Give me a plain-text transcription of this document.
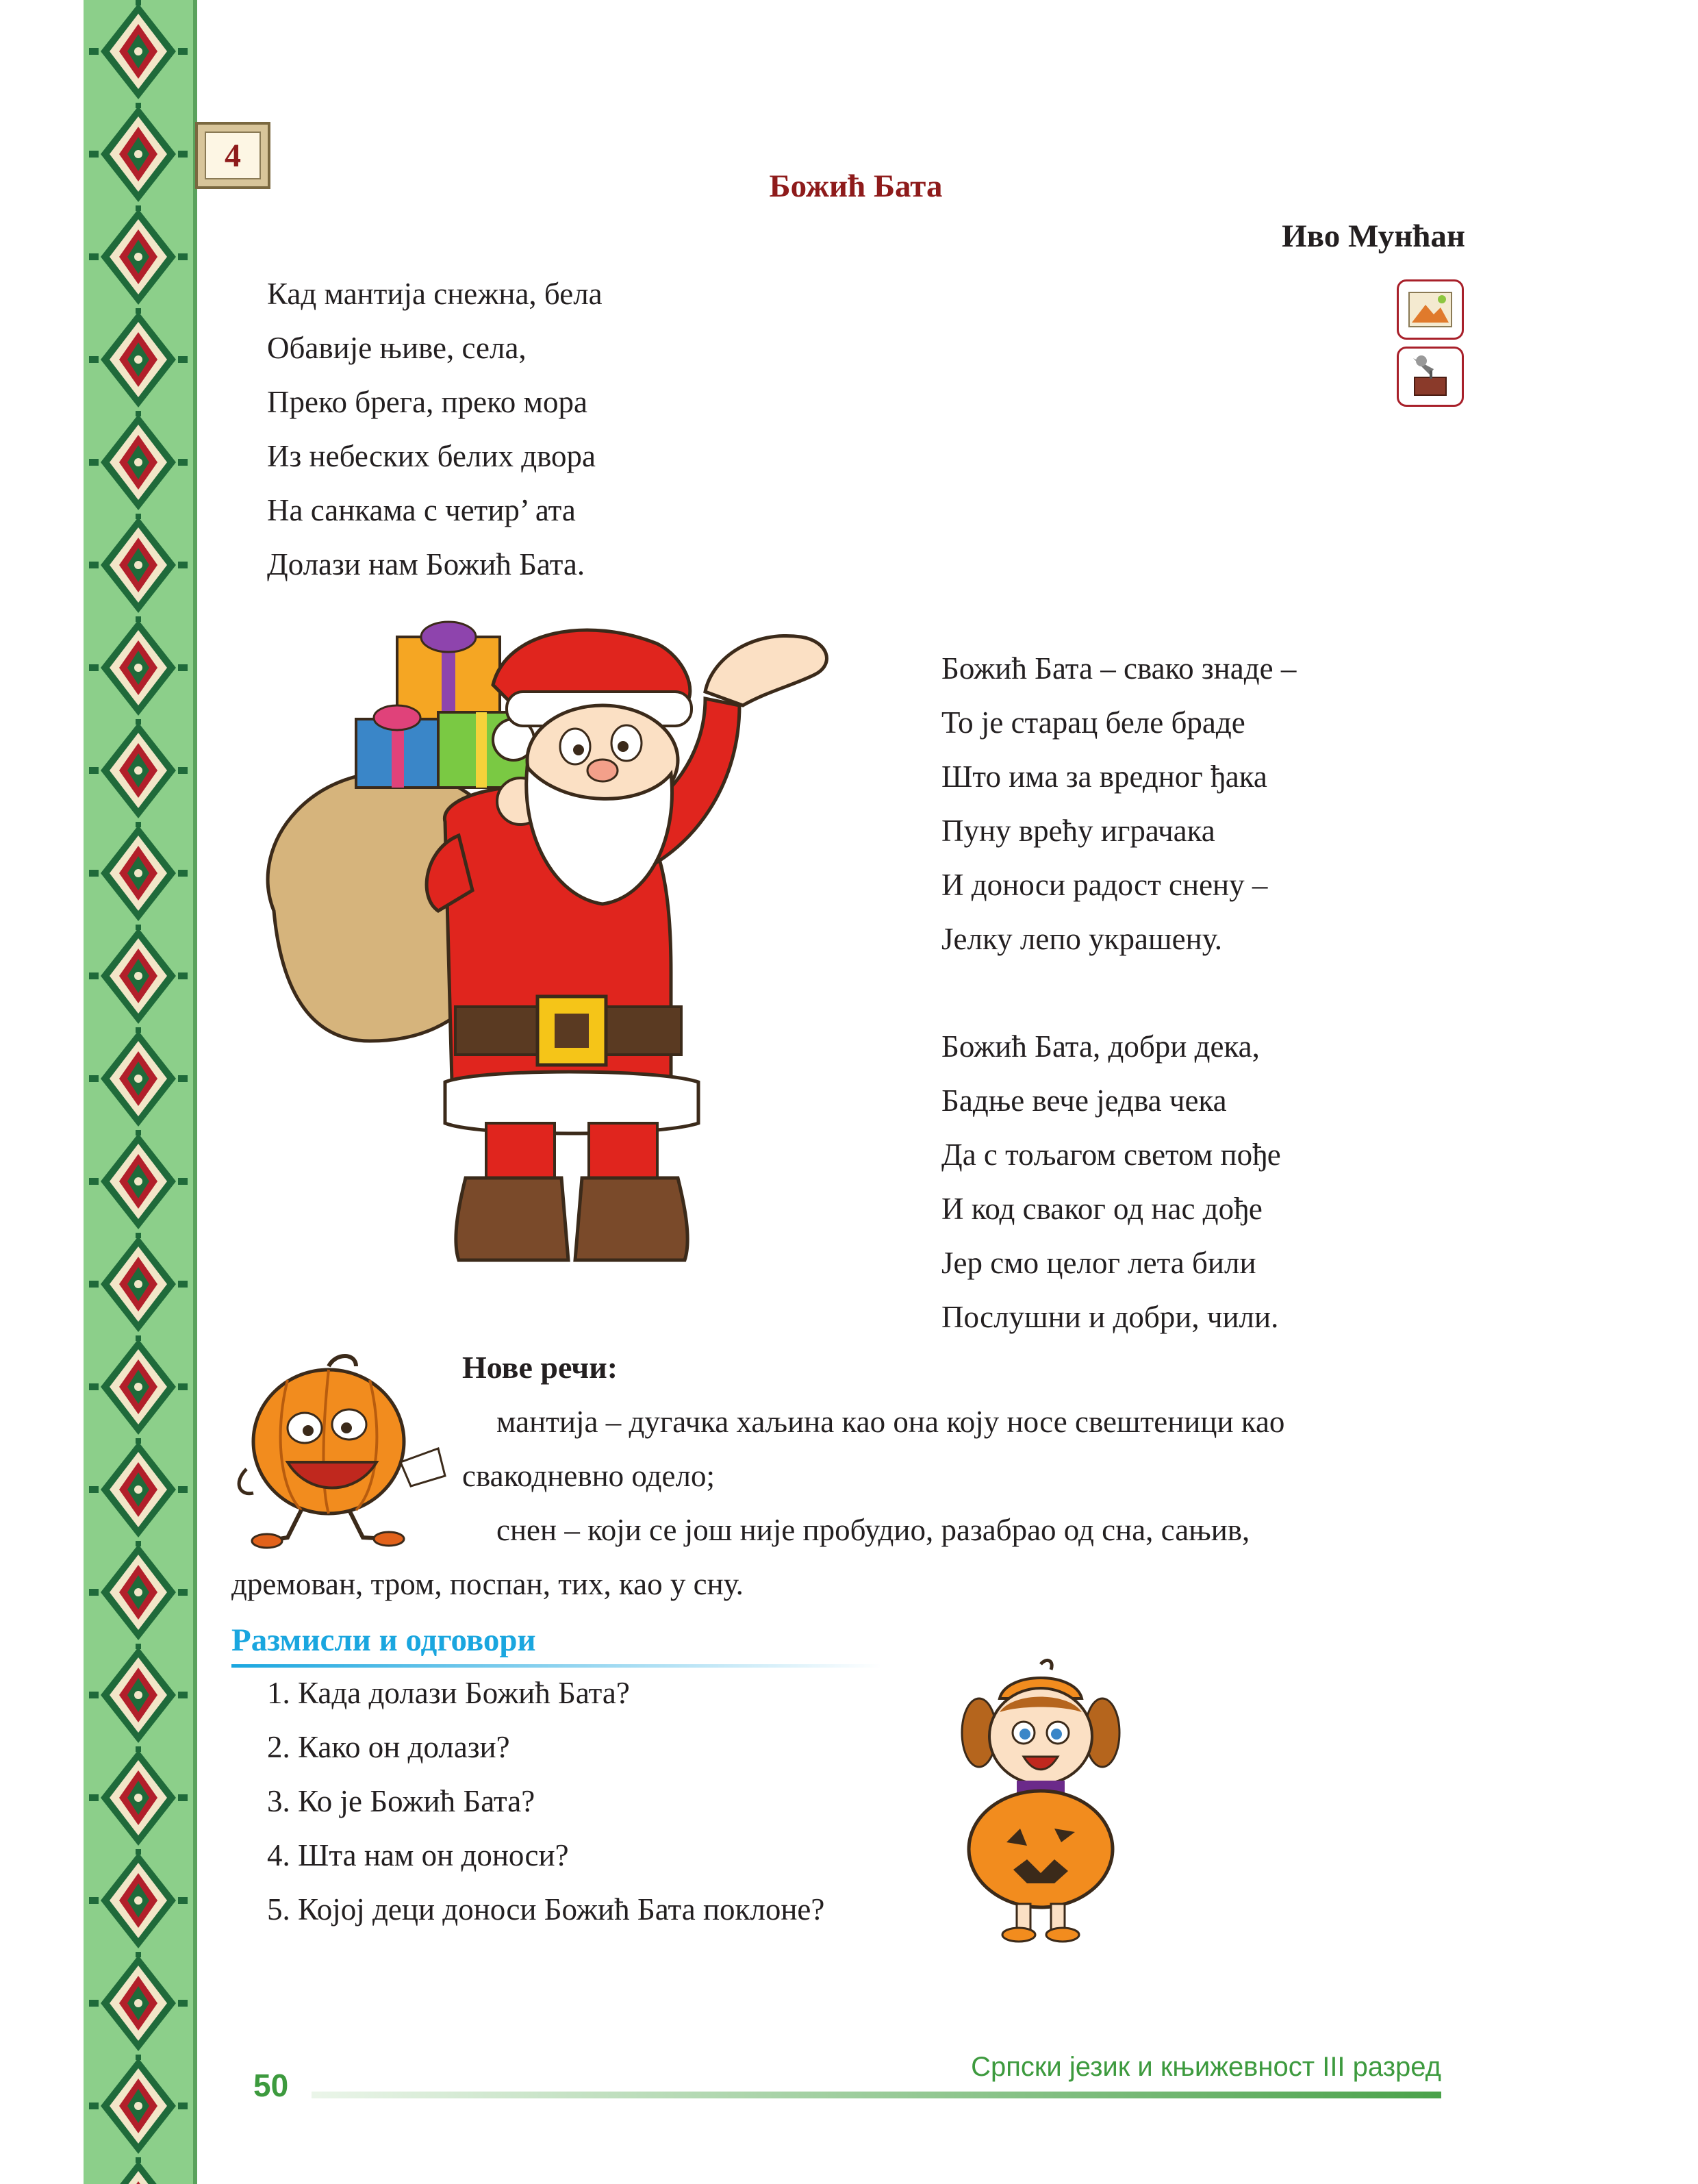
4
Божић Бата
Иво Мунћан
Кад мантија снежна, бела
Обавије њиве, села,
Преко брега, преко мора
Из небеских белих двора
На санкама с четир’ ата
Долази нам Божић Бата.
Божић Бата – свако знаде –
То је старац беле браде
Што има за вредног ђака
Пуну врећу играчака
И доноси радост снену –
Јелку лепо украшену.
Божић Бата, добри дека,
Бадње вече једва чека
Да с тољагом светом пође
И код сваког од нас дође
Јер смо целог лета били
Послушни и добри, чили.
Нове речи:
мантија – дугачка хаљина као она коју носе свештеници као
свакодневно одело;
снен – који се још није пробудио, разабрао од сна, сањив,
дремован, тром, поспан, тих, као у сну.
Размисли и одговори
1. Када долази Божић Бата?
2. Како он долази?
3. Ко је Божић Бата?
4. Шта нам он доноси?
5. Којој деци доноси Божић Бата поклоне?
50
Српски језик и књижевност III разред
